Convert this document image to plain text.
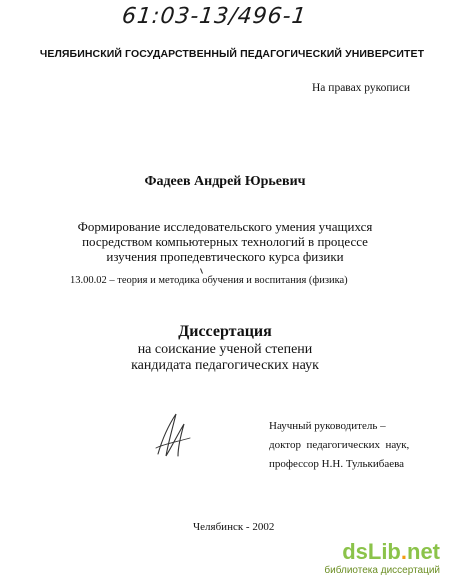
61:03-13/496-1
ЧЕЛЯБИНСКИЙ ГОСУДАРСТВЕННЫЙ ПЕДАГОГИЧЕСКИЙ УНИВЕРСИТЕТ
На правах рукописи
Фадеев Андрей Юрьевич
Формирование исследовательского умения учащихся
посредством компьютерных технологий в процессе
изучения пропедевтического курса физики
13.00.02 – теория и методика обучения и воспитания (физика)
Диссертация
на соискание ученой степени
кандидата педагогических наук
Научный руководитель –
доктор  педагогических  наук,
профессор Н.Н. Тулькибаева
Челябинск - 2002
dsLib.net
библиотека диссертаций
